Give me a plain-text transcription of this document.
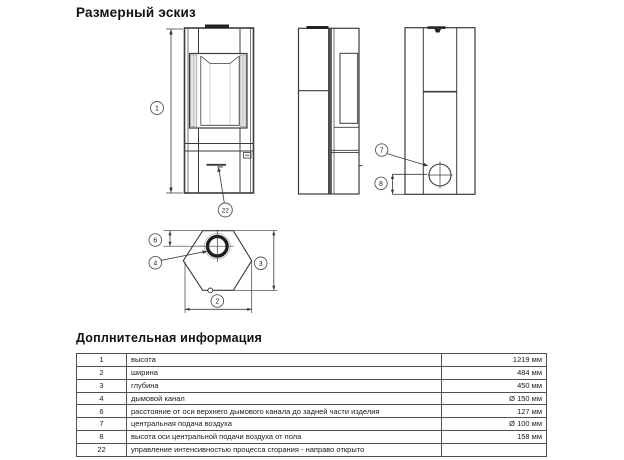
Размерный эскиз
1
22
7
8
6
4	3
2
Доплнительная информация
1	высота	1219 мм
2	ширина	484 мм
3	глубина	450 мм
4	дымовой канал	Ø 150 мм
6	расстояние от оси верхнего дымового канала до задней части изделия	127 мм
7	центральная подача воздуха	Ø 100 мм
8	высота оси центральной подачи воздуха от пола	158 мм
22	управление интенсивностью процесса сгорания - направо открыто	
